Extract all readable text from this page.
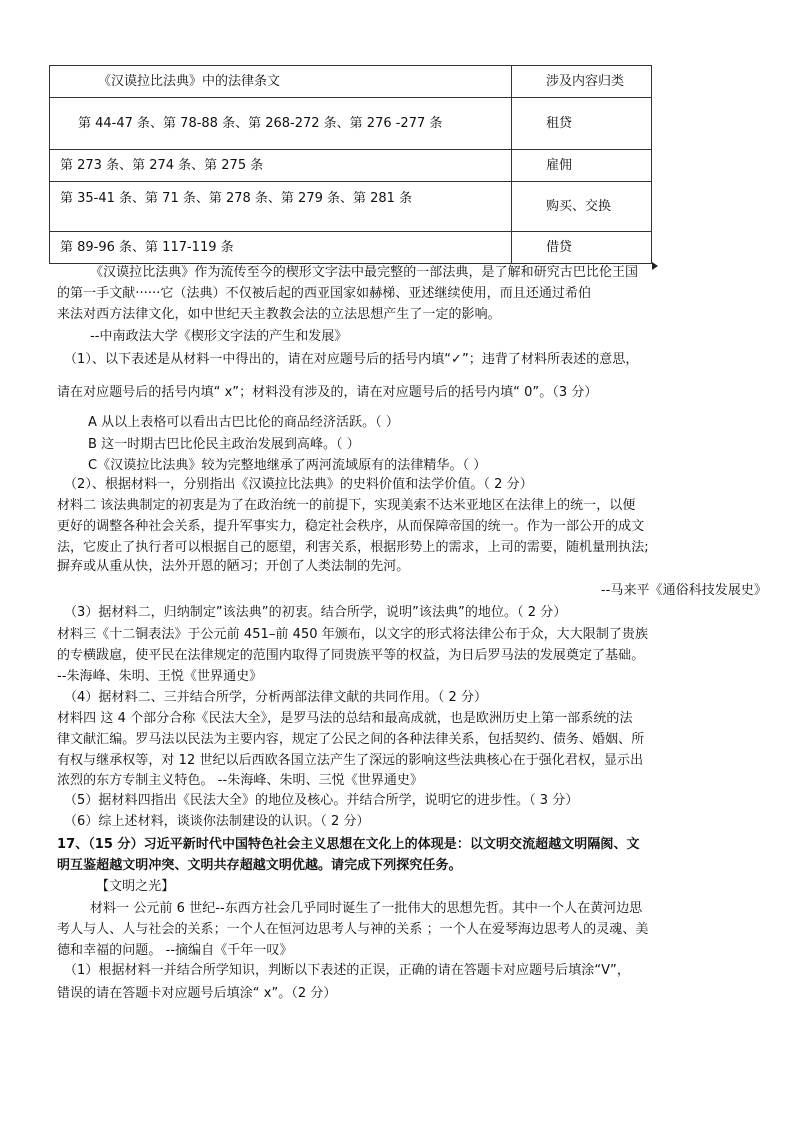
《汉谟拉比法典》中的法律条文	涉及内容归类
第 44-47 条、第 78-88 条、第 268-272 条、第 276 -277 条	租贷
第 273 条、第 274 条、第 275 条	雇佣
第 35-41 条、第 71 条、第 278 条、第 279 条、第 281 条	购买、交换
第 89-96 条、第 117-119 条	借贷
《汉谟拉比法典》作为流传至今的楔形文字法中最完整的一部法典，是了解和研究古巴比伦王国
的第一手文献‧‧‧‧‧‧它（法典）不仅被后起的西亚国家如赫梯、亚述继续使用，而且还通过希伯
来法对西方法律文化，如中世纪天主教教会法的立法思想产生了一定的影响。
--中南政法大学《楔形文字法的产生和发展》
（1）、以下表述是从材料一中得出的，请在对应题号后的括号内填“✓”；违背了材料所表述的意思，
请在对应题号后的括号内填“ x”；材料没有涉及的，请在对应题号后的括号内填“ 0”。（3 分）
A 从以上表格可以看出古巴比伦的商品经济活跃。（ ）
B 这一时期古巴比伦民主政治发展到高峰。（ ）
C《汉谟拉比法典》较为完整地继承了两河流域原有的法律精华。（ ）
（2）、根据材料一，分别指出《汉谟拉比法典》的史料价值和法学价值。（ 2 分）
材料二 该法典制定的初衷是为了在政治统一的前提下，实现美索不达米亚地区在法律上的统一，以便
更好的调整各种社会关系，提升军事实力，稳定社会秩序，从而保障帝国的统一。作为一部公开的成文
法，它废止了执行者可以根据自己的愿望，利害关系，根据形势上的需求，上司的需要，随机量刑执法;
摒弃或从重从快，法外开恩的陋习；开创了人类法制的先河。
--马来平《通俗科技发展史》
（3）据材料二，归纳制定”该法典”的初衷。结合所学，说明”该法典”的地位。（ 2 分）
材料三《十二铜表法》于公元前 451–前 450 年颁布，以文字的形式将法律公布于众，大大限制了贵族
的专横跋扈，使平民在法律规定的范围内取得了同贵族平等的权益，为日后罗马法的发展奠定了基础。
--朱海峰、朱明、王悦《世界通史》
（4）据材料二、三并结合所学，分析两部法律文献的共同作用。（ 2 分）
材料四 这 4 个部分合称《民法大全》，是罗马法的总结和最高成就，也是欧洲历史上第一部系统的法
律文献汇编。罗马法以民法为主要内容，规定了公民之间的各种法律关系，包括契约、债务、婚姻、所
有权与继承权等，对 12 世纪以后西欧各国立法产生了深远的影响这些法典核心在于强化君权，显示出
浓烈的东方专制主义特色。 --朱海峰、朱明、三悦《世界通史》
（5）据材料四指出《民法大全》的地位及核心。并结合所学，说明它的进步性。（ 3 分）
（6）综上述材料，谈谈你法制建设的认识。（ 2 分）
17、（15 分）习近平新时代中国特色社会主义思想在文化上的体现是：以文明交流超越文明隔阂、文
明互鉴超越文明冲突、文明共存超越文明优越。请完成下列探究任务。
【文明之光】
材料一 公元前 6 世纪--东西方社会几乎同时诞生了一批伟大的思想先哲。其中一个人在黄河边思
考人与人、人与社会的关系；一个人在恒河边思考人与神的关系 ；一个人在爱琴海边思考人的灵魂、美
德和幸福的问题。 --摘编自《千年一叹》
（1）根据材料一并结合所学知识，判断以下表述的正误，正确的请在答题卡对应题号后填涂“V”，
错误的请在答题卡对应题号后填涂“ x”。（2 分）
